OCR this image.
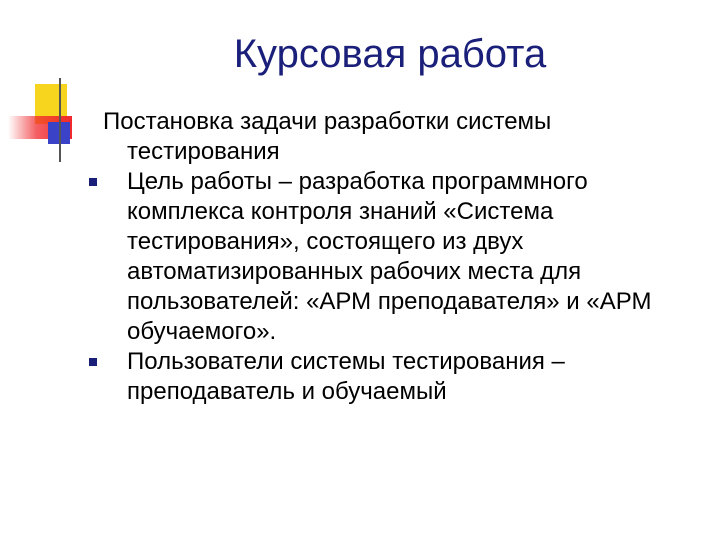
Курсовая работа

Постановка задачи разработки системы тестирования

Цель работы – разработка программного комплекса контроля знаний «Система тестирования», состоящего из двух автоматизированных рабочих места для пользователей: «АРМ преподавателя» и «АРМ обучаемого».
Пользователи системы тестирования – преподаватель и обучаемый
